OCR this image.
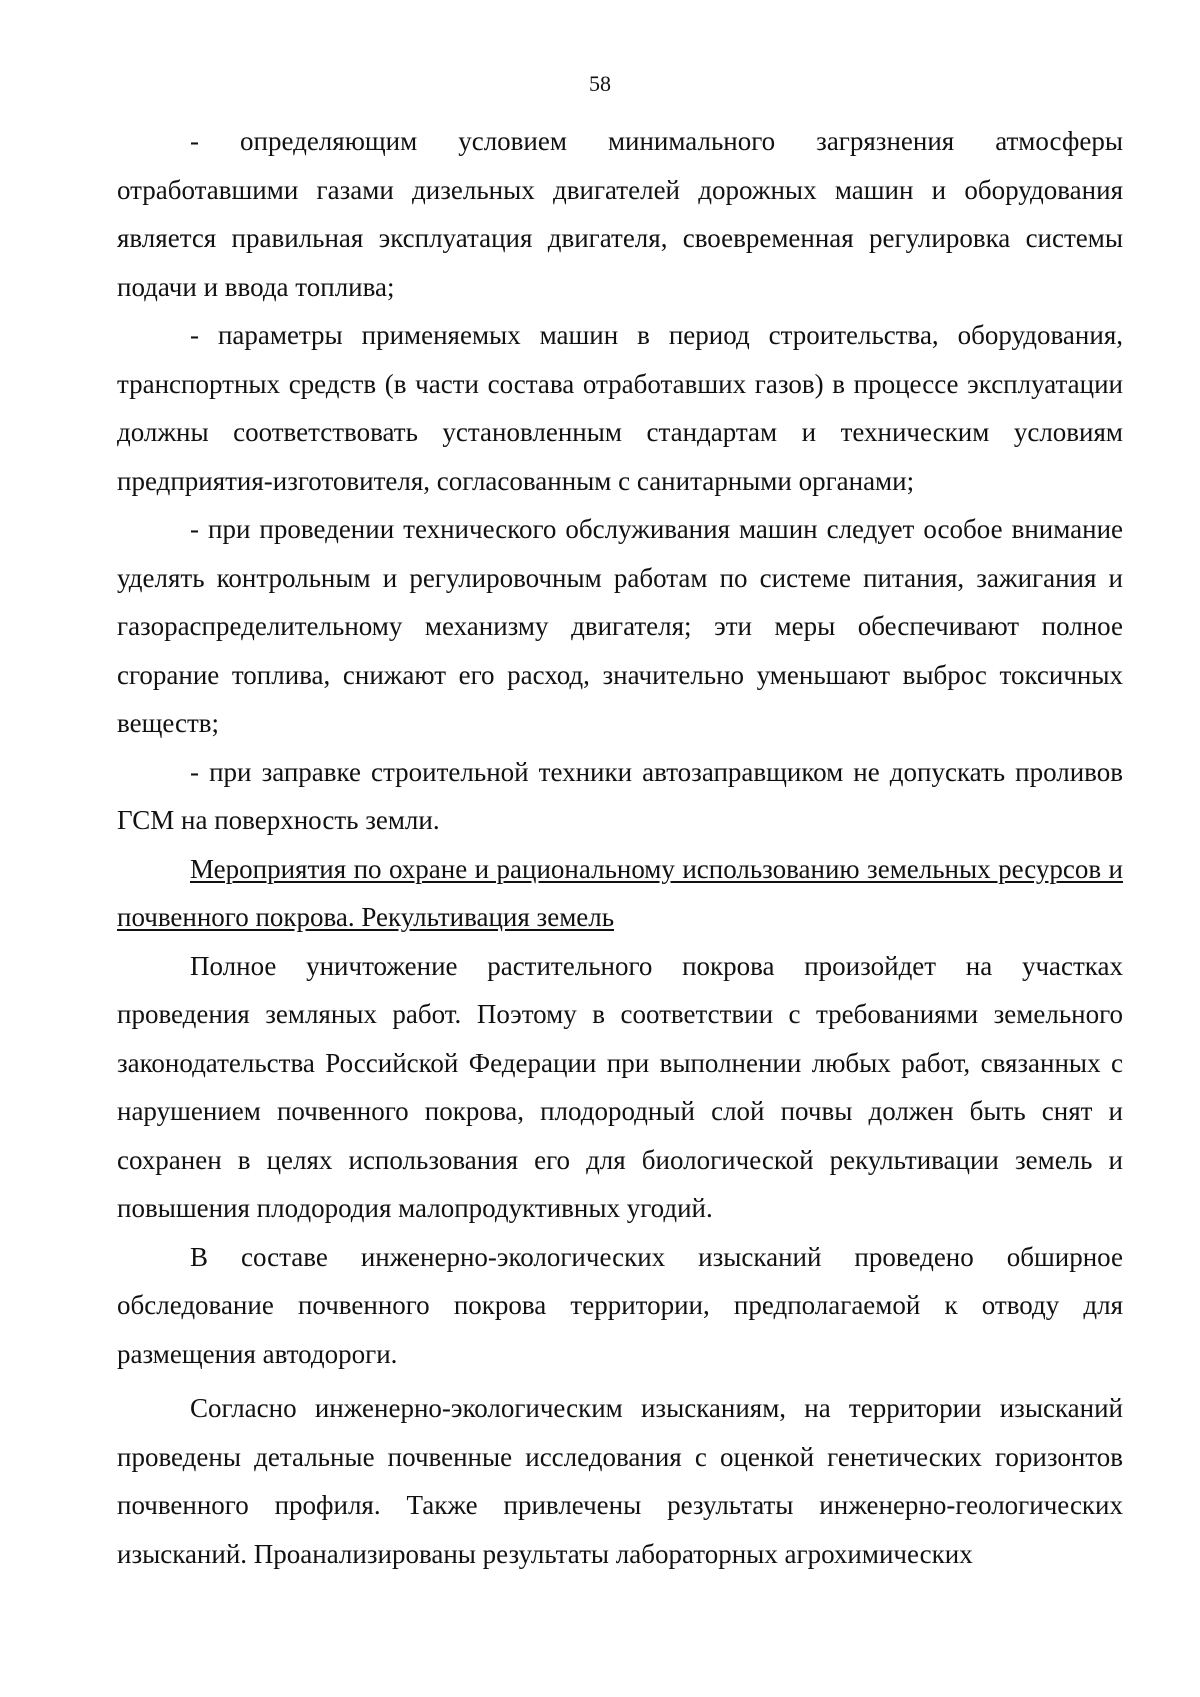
58

- определяющим условием минимального загрязнения атмосферы отработавшими газами дизельных двигателей дорожных машин и оборудования является правильная эксплуатация двигателя, своевременная регулировка системы подачи и ввода топлива;

- параметры применяемых машин в период строительства, оборудования, транспортных средств (в части состава отработавших газов) в процессе эксплуатации должны соответствовать установленным стандартам и техническим условиям предприятия-изготовителя, согласованным с санитарными органами;

- при проведении технического обслуживания машин следует особое внимание уделять контрольным и регулировочным работам по системе питания, зажигания и газораспределительному механизму двигателя; эти меры обеспечивают полное сгорание топлива, снижают его расход, значительно уменьшают выброс токсичных веществ;

- при заправке строительной техники автозаправщиком не допускать проливов ГСМ на поверхность земли.

Мероприятия по охране и рациональному использованию земельных ресурсов и почвенного покрова. Рекультивация земель

Полное уничтожение растительного покрова произойдет на участках проведения земляных работ. Поэтому в соответствии с требованиями земельного законодательства Российской Федерации при выполнении любых работ, связанных с нарушением почвенного покрова, плодородный слой почвы должен быть снят и сохранен в целях использования его для биологической рекультивации земель и повышения плодородия малопродуктивных угодий.

В составе инженерно-экологических изысканий проведено обширное обследование почвенного покрова территории, предполагаемой к отводу для размещения автодороги.

Согласно инженерно-экологическим изысканиям, на территории изысканий проведены детальные почвенные исследования с оценкой генетических горизонтов почвенного профиля. Также привлечены результаты инженерно-геологических изысканий. Проанализированы результаты лабораторных агрохимических
